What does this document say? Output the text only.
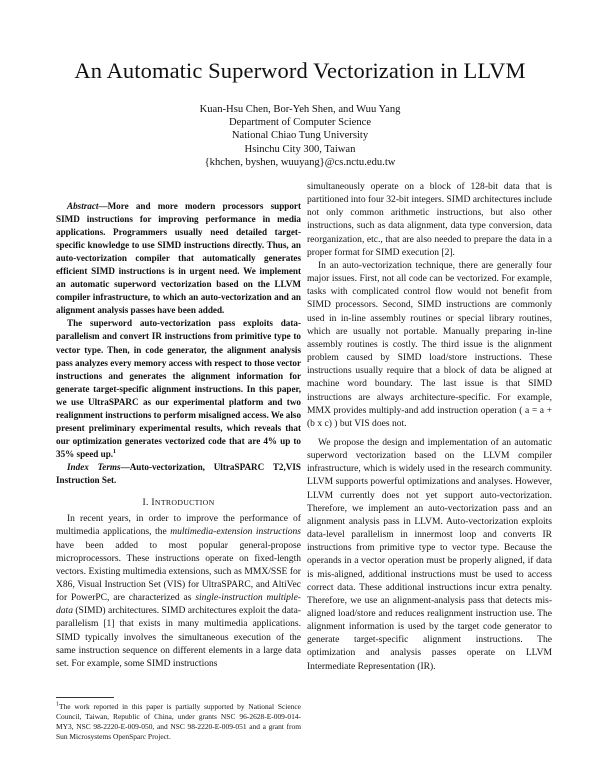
An Automatic Superword Vectorization in LLVM
Kuan-Hsu Chen, Bor-Yeh Shen, and Wuu Yang
Department of Computer Science
National Chiao Tung University
Hsinchu City 300, Taiwan
{khchen, byshen, wuuyang}@cs.nctu.edu.tw

Abstract—More and more modern processors support SIMD instructions for improving performance in media applications. Programmers usually need detailed target-specific knowledge to use SIMD instructions directly. Thus, an auto-vectorization compiler that automatically generates efficient SIMD instructions is in urgent need. We implement an automatic superword vectorization based on the LLVM compiler infrastructure, to which an auto-vectorization and an alignment analysis passes have been added.

The superword auto-vectorization pass exploits data-parallelism and convert IR instructions from primitive type to vector type. Then, in code generator, the alignment analysis pass analyzes every memory access with respect to those vector instructions and generates the alignment information for generate target-specific alignment instructions. In this paper, we use UltraSPARC as our experimental platform and two realignment instructions to perform misaligned access. We also present preliminary experimental results, which reveals that our optimization generates vectorized code that are 4% up to 35% speed up.$^1$

Index Terms—Auto-vectorization, UltraSPARC T2,VIS Instruction Set.

I. INTRODUCTION

In recent years, in order to improve the performance of multimedia applications, the multimedia-extension instructions have been added to most popular general-propose microprocessors. These instructions operate on fixed-length vectors. Existing multimedia extensions, such as MMX/SSE for X86, Visual Instruction Set (VIS) for UltraSPARC, and AltiVec for PowerPC, are characterized as single-instruction multiple-data (SIMD) architectures. SIMD architectures exploit the data-parallelism [1] that exists in many multimedia applications. SIMD typically involves the simultaneous execution of the same instruction sequence on different elements in a large data set. For example, some SIMD instructions

simultaneously operate on a block of 128-bit data that is partitioned into four 32-bit integers. SIMD architectures include not only common arithmetic instructions, but also other instructions, such as data alignment, data type conversion, data reorganization, etc., that are also needed to prepare the data in a proper format for SIMD execution [2].

In an auto-vectorization technique, there are generally four major issues. First, not all code can be vectorized. For example, tasks with complicated control flow would not benefit from SIMD processors. Second, SIMD instructions are commonly used in in-line assembly routines or special library routines, which are usually not portable. Manually preparing in-line assembly routines is costly. The third issue is the alignment problem caused by SIMD load/store instructions. These instructions usually require that a block of data be aligned at machine word boundary. The last issue is that SIMD instructions are always architecture-specific. For example, MMX provides multiply-and add instruction operation ( a = a + (b x c) ) but VIS does not.

We propose the design and implementation of an automatic superword vectorization based on the LLVM compiler infrastructure, which is widely used in the research community. LLVM supports powerful optimizations and analyses. However, LLVM currently does not yet support auto-vectorization. Therefore, we implement an auto-vectorization pass and an alignment analysis pass in LLVM. Auto-vectorization exploits data-level parallelism in innermost loop and converts IR instructions from primitive type to vector type. Because the operands in a vector operation must be properly aligned, if data is mis-aligned, additional instructions must be used to access correct data. These additional instructions incur extra penalty. Therefore, we use an alignment-analysis pass that detects mis-aligned load/store and reduces realignment instruction use. The alignment information is used by the target code generator to generate target-specific alignment instructions. The optimization and analysis passes operate on LLVM Intermediate Representation (IR).

$^1$The work reported in this paper is partially supported by National Science Council, Taiwan, Republic of China, under grants NSC 96-2628-E-009-014-MY3, NSC 98-2220-E-009-050, and NSC 98-2220-E-009-051 and a grant from Sun Microsystems OpenSparc Project.
